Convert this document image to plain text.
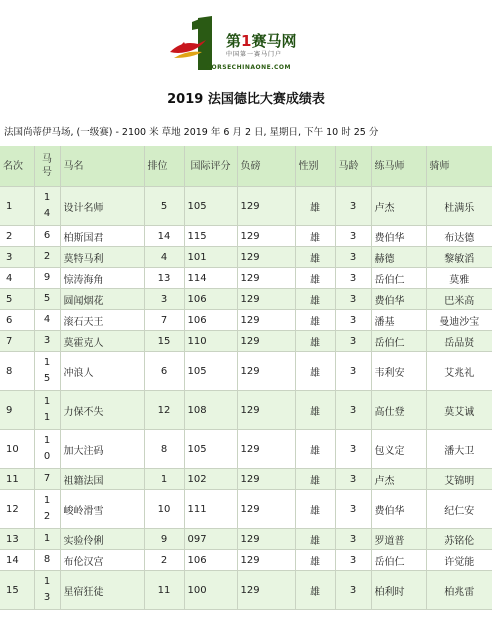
第1赛马网
中国第一赛马门户
HORSECHINAONE.COM
2019 法国德比大赛成绩表
法国尚蒂伊马场, (一级赛) - 2100 米 草地 2019 年 6 月 2 日, 星期日, 下午 10 时 25 分
名次	马号	马名	排位	国际评分	负磅	性别	马龄	练马师	骑师
1	14	设计名师	5	105	129	雄	3	卢杰	杜满乐
2	6	柏斯国君	14	115	129	雄	3	费伯华	布达德
3	2	莫特马利	4	101	129	雄	3	赫德	黎敏滔
4	9	惊涛海角	13	114	129	雄	3	岳伯仁	莫雅
5	5	圆闻烟花	3	106	129	雄	3	费伯华	巴米高
6	4	滚石天王	7	106	129	雄	3	潘基	曼迪沙宝
7	3	莫霍克人	15	110	129	雄	3	岳伯仁	岳品贤
8	15	冲浪人	6	105	129	雄	3	韦利安	艾兆礼
9	11	力保不失	12	108	129	雄	3	高仕登	莫艾诚
10	10	加大注码	8	105	129	雄	3	包义定	潘大卫
11	7	祖籍法国	1	102	129	雄	3	卢杰	艾锦明
12	12	峻岭滑雪	10	111	129	雄	3	费伯华	纪仁安
13	1	实验伶俐	9	097	129	雄	3	罗道普	苏铭伦
14	8	布伦汉宫	2	106	129	雄	3	岳伯仁	许觉能
15	13	星宿狂徒	11	100	129	雄	3	柏利时	柏兆雷
